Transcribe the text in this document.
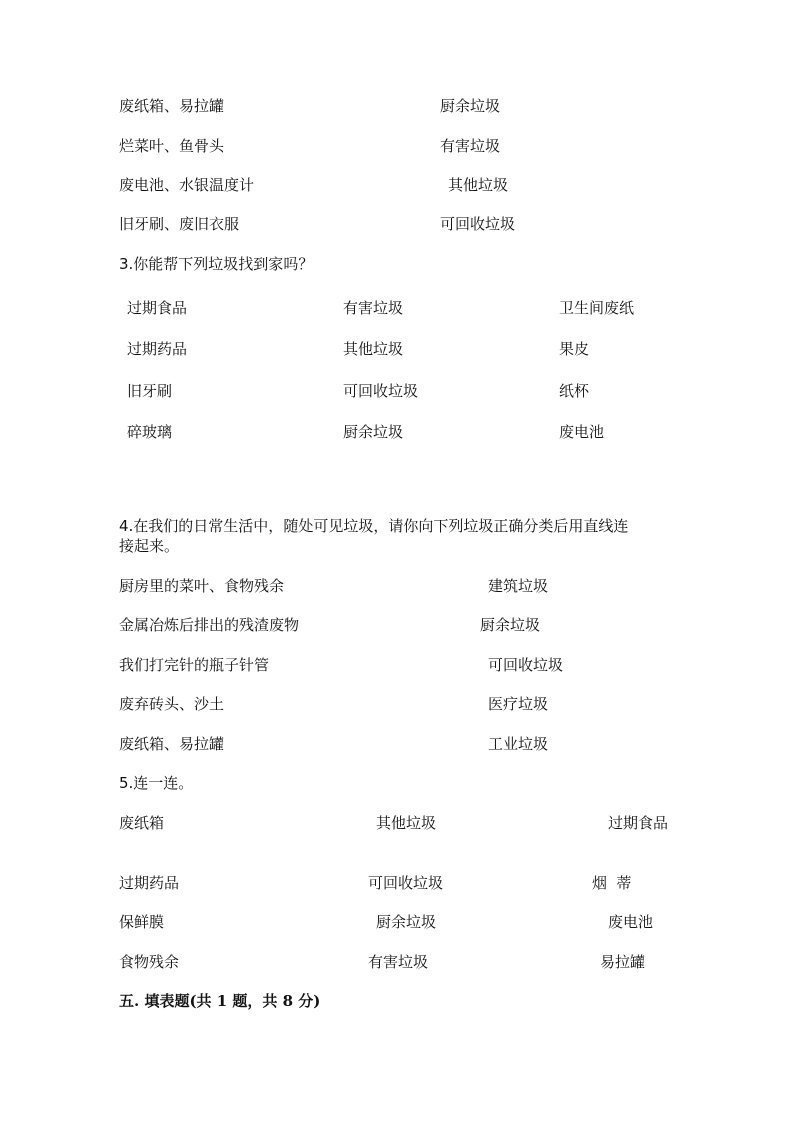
废纸箱、易拉罐	厨余垃圾
烂菜叶、鱼骨头	有害垃圾
废电池、水银温度计	其他垃圾
旧牙刷、废旧衣服	可回收垃圾
3.你能帮下列垃圾找到家吗？
过期食品	有害垃圾	卫生间废纸
过期药品	其他垃圾	果皮
旧牙刷	可回收垃圾	纸杯
碎玻璃	厨余垃圾	废电池
4.在我们的日常生活中，随处可见垃圾，请你向下列垃圾正确分类后用直线连
接起来。
厨房里的菜叶、食物残余	建筑垃圾
金属冶炼后排出的残渣废物	厨余垃圾
我们打完针的瓶子针管	可回收垃圾
废弃砖头、沙土	医疗垃圾
废纸箱、易拉罐	工业垃圾
5.连一连。
废纸箱	其他垃圾	过期食品
过期药品	可回收垃圾	烟  蒂
保鲜膜	厨余垃圾	废电池
食物残余	有害垃圾	易拉罐
五. 填表题(共 1 题，共 8 分)
